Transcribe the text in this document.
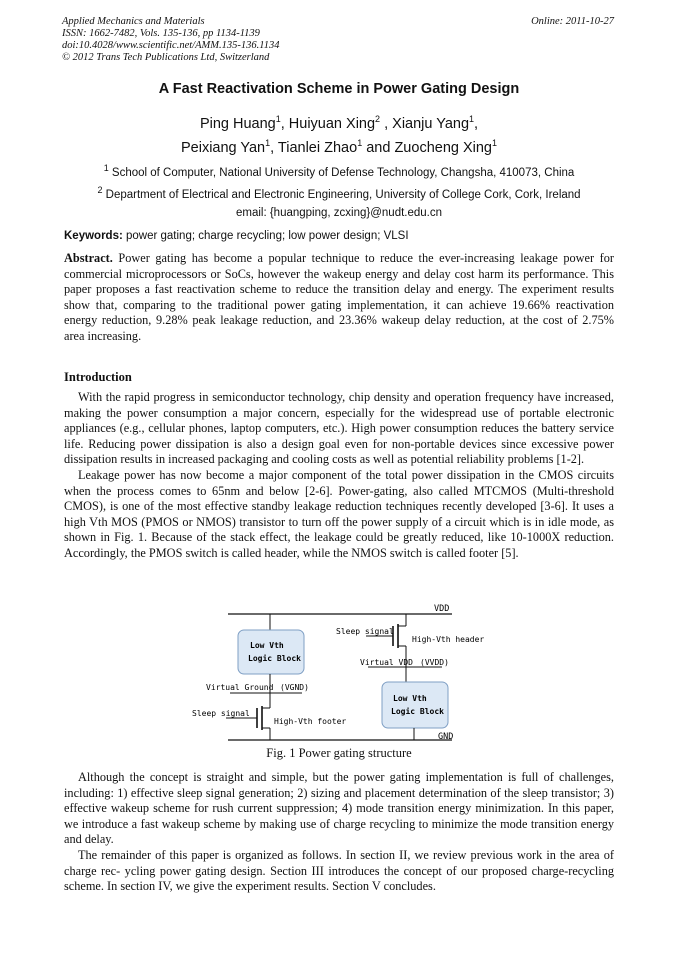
Applied Mechanics and Materials
ISSN: 1662-7482, Vols. 135-136, pp 1134-1139
doi:10.4028/www.scientific.net/AMM.135-136.1134
© 2012 Trans Tech Publications Ltd, Switzerland
Online: 2011-10-27
A Fast Reactivation Scheme in Power Gating Design
Ping Huang$^1$, Huiyuan Xing$^2$ , Xianju Yang$^1$,
Peixiang Yan$^1$, Tianlei Zhao$^1$ and Zuocheng Xing$^1$
$^1$ School of Computer, National University of Defense Technology, Changsha, 410073, China
$^2$ Department of Electrical and Electronic Engineering, University of College Cork, Cork, Ireland
email: {huangping, zcxing}@nudt.edu.cn
Keywords: power gating; charge recycling; low power design; VLSI

Abstract. Power gating has become a popular technique to reduce the ever-increasing leakage power for commercial microprocessors or SoCs, however the wakeup energy and delay cost harm its performance. This paper proposes a fast reactivation scheme to reduce the transition delay and energy. The experiment results show that, comparing to the traditional power gating implementation, it can achieve 19.66% reactivation energy reduction, 9.28% peak leakage reduction, and 23.36% wakeup delay reduction, at the cost of 2.75% area increasing.

Introduction

With the rapid progress in semiconductor technology, chip density and operation frequency have increased, making the power consumption a major concern, especially for the widespread use of portable electronic appliances (e.g., cellular phones, laptop computers, etc.). High power consumption reduces the battery service life. Reducing power dissipation is also a design goal even for non-portable devices since excessive power dissipation results in increased packaging and cooling costs as well as potential reliability problems [1-2].

Leakage power has now become a major component of the total power dissipation in the CMOS circuits when the process comes to 65nm and below [2-6]. Power-gating, also called MTCMOS (Multi-threshold CMOS), is one of the most effective standby leakage reduction techniques recently developed [3-6]. It uses a high Vth MOS (PMOS or NMOS) transistor to turn off the power supply of a circuit which is in idle mode, as shown in Fig. 1. Because of the stack effect, the leakage could be greatly reduced, like 10-1000X reduction. Accordingly, the PMOS switch is called header, while the NMOS switch is called footer [5].

VDD
GND
Low Vth
Logic Block
Virtual Ground (VGND)
Sleep signal
High-Vth footer
Sleep signal
High-Vth header
Virtual VDD (VVDD)
Low Vth
Logic Block
Fig. 1 Power gating structure

Although the concept is straight and simple, but the power gating implementation is full of challenges, including: 1) effective sleep signal generation; 2) sizing and placement determination of the sleep transistor; 3) effective wakeup scheme for rush current suppression; 4) mode transition energy minimization. In this paper, we introduce a fast wakeup scheme by making use of charge recycling to minimize the mode transition energy and delay.

The remainder of this paper is organized as follows. In section II, we review previous work in the area of charge rec- ycling power gating design. Section III introduces the concept of our proposed charge-recycling scheme. In section IV, we give the experiment results. Section V concludes.
